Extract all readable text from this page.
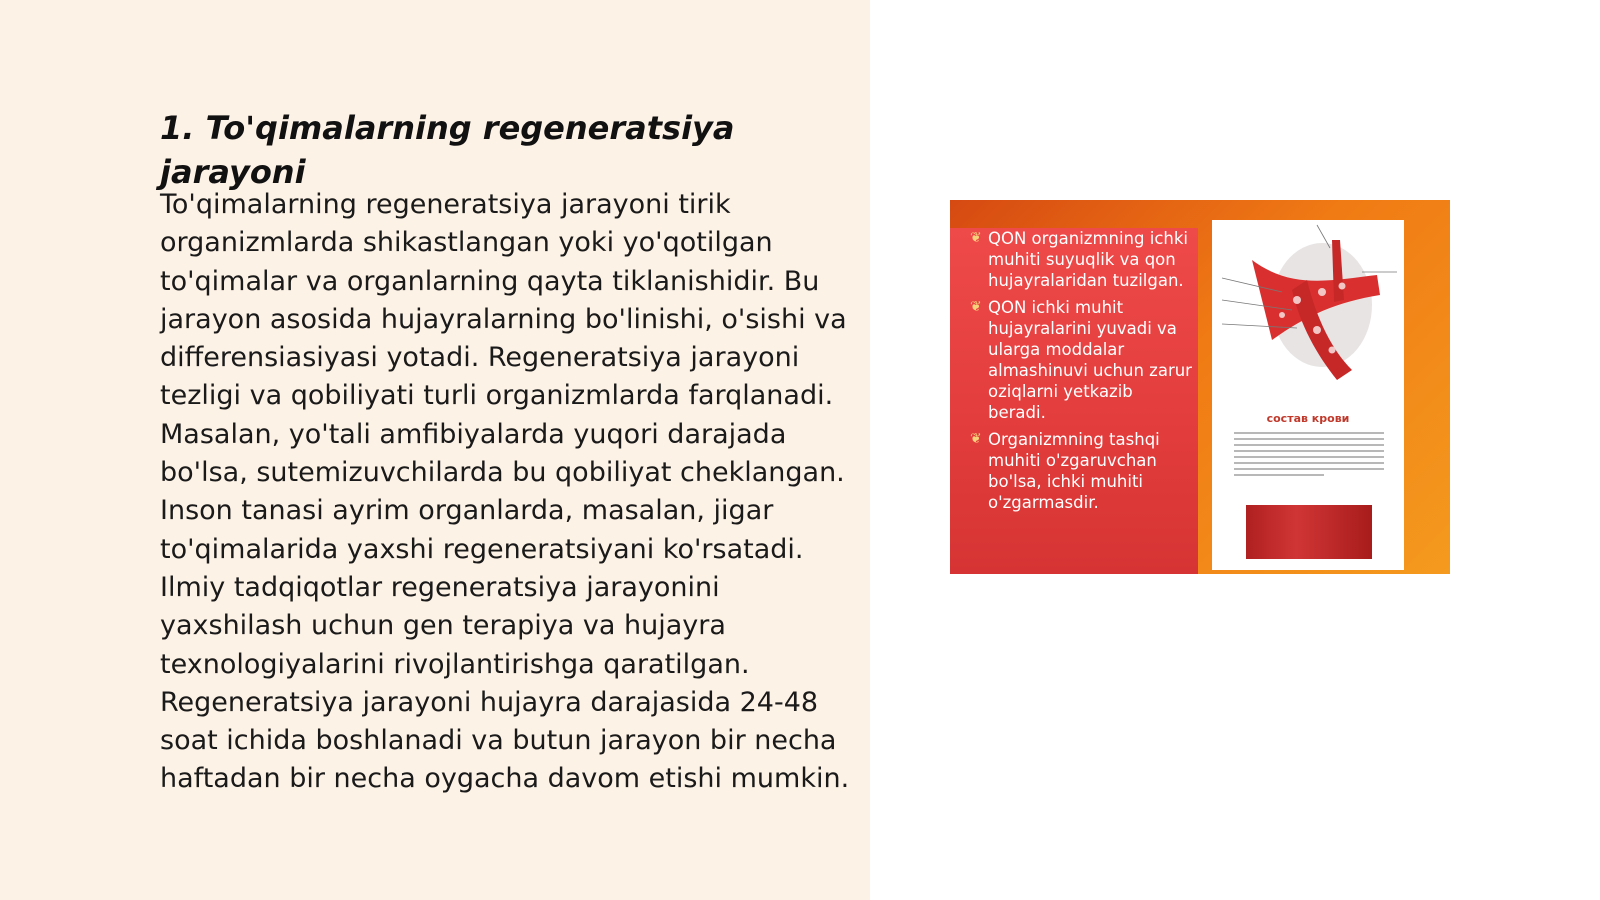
1. To'qimalarning regeneratsiya jarayoni

To'qimalarning regeneratsiya jarayoni tirik organizmlarda shikastlangan yoki yo'qotilgan to'qimalar va organlarning qayta tiklanishidir. Bu jarayon asosida hujayralarning bo'linishi, o'sishi va differensiasiyasi yotadi. Regeneratsiya jarayoni tezligi va qobiliyati turli organizmlarda farqlanadi. Masalan, yo'tali amfibiyalarda yuqori darajada bo'lsa, sutemizuvchilarda bu qobiliyat cheklangan. Inson tanasi ayrim organlarda, masalan, jigar to'qimalarida yaxshi regeneratsiyani ko'rsatadi. Ilmiy tadqiqotlar regeneratsiya jarayonini yaxshilash uchun gen terapiya va hujayra texnologiyalarini rivojlantirishga qaratilgan. Regeneratsiya jarayoni hujayra darajasida 24-48 soat ichida boshlanadi va butun jarayon bir necha haftadan bir necha oygacha davom etishi mumkin.

❦ QON organizmning ichki muhiti suyuqlik va qon hujayralaridan tuzilgan.
❦ QON ichki muhit hujayralarini yuvadi va ularga moddalar almashinuvi uchun zarur oziqlarni yetkazib beradi.
❦ Organizmning tashqi muhiti o'zgaruvchan bo'lsa, ichki muhiti o'zgarmasdir.
состав крови
